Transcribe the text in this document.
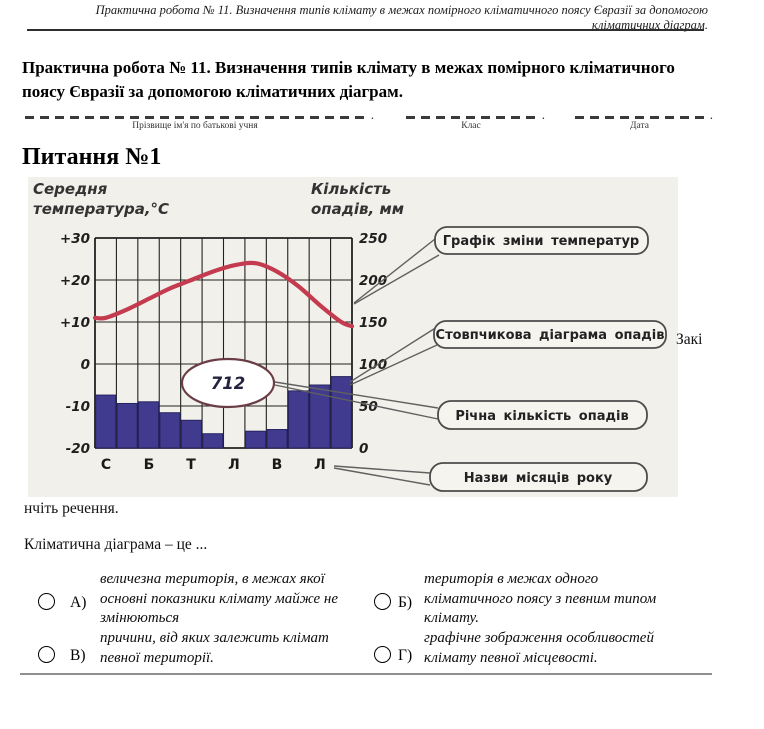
Практична робота № 11. Визначення типів клімату в межах помірного кліматичного поясу Євразії за допомогою кліматичних діаграм.
Практична робота № 11. Визначення типів клімату в межах помірного кліматичного поясу Євразії за допомогою кліматичних діаграм.
.
Прізвище ім'я по батькові учня
.
Клас
.
Дата
Питання №1
Середня
температура,°C
Кількість
опадів, мм
712
+30
+20
+10
0
-10
-20
250
200
150
100
50
0
С Б Т Л В Л
Графік зміни температур
Стовпчикова діаграма опадів
Річна кількість опадів
Назви місяців року
Закі
нчіть речення.
Кліматична діаграма – це ...
А)
величезна територія, в межах якої основні показники клімату майже не змінюються
Б)
територія в межах одного кліматичного поясу з певним типом клімату.
В)
причини, від яких залежить клімат певної території.	Г)
графічне зображення особливостей клімату певної місцевості.
